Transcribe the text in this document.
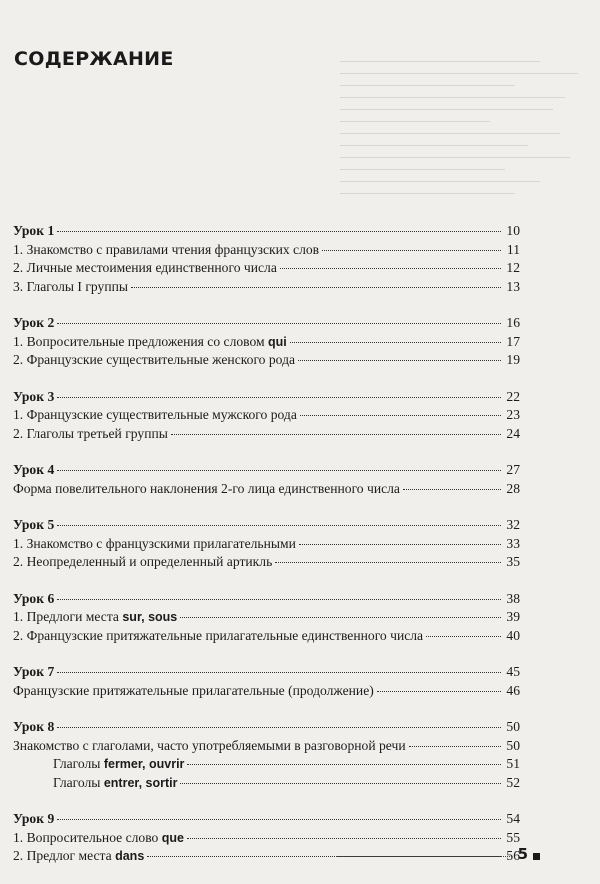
СОДЕРЖАНИЕ
Урок 1	10
1. Знакомство с правилами чтения французских слов	11
2. Личные местоимения единственного числа	12
3. Глаголы I группы	13
Урок 2	16
1. Вопросительные предложения со словом qui	17
2. Французские существительные женского рода	19
Урок 3	22
1. Французские существительные мужского рода	23
2. Глаголы третьей группы	24
Урок 4	27
Форма повелительного наклонения 2-го лица единственного числа	28
Урок 5	32
1. Знакомство с французскими прилагательными	33
2. Неопределенный и определенный артикль	35
Урок 6	38
1. Предлоги места sur, sous	39
2. Французские притяжательные прилагательные единственного числа	40
Урок 7	45
Французские притяжательные прилагательные (продолжение)	46
Урок 8	50
Знакомство с глаголами, часто употребляемыми в разговорной речи	50
Глаголы fermer, ouvrir	51
Глаголы entrer, sortir	52
Урок 9	54
1. Вопросительное слово que	55
2. Предлог места dans	56
5
